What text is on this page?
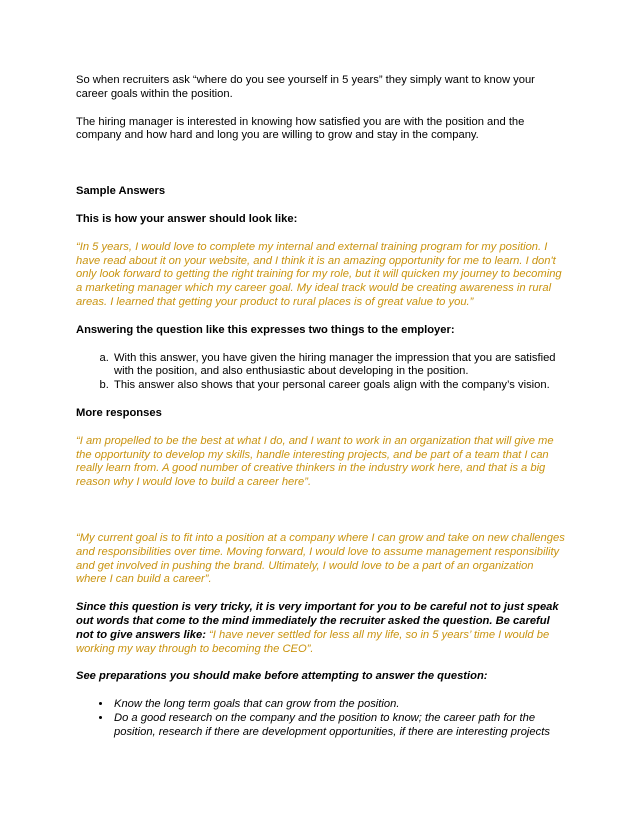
So when recruiters ask “where do you see yourself in 5 years” they simply want to know your career goals within the position.

The hiring manager is interested in knowing how satisfied you are with the position and the company and how hard and long you are willing to grow and stay in the company.

Sample Answers

This is how your answer should look like:

“In 5 years, I would love to complete my internal and external training program for my position. I have read about it on your website, and I think it is an amazing opportunity for me to learn. I don't only look forward to getting the right training for my role, but it will quicken my journey to becoming a marketing manager which my career goal. My ideal track would be creating awareness in rural areas. I learned that getting your product to rural places is of great value to you.”

Answering the question like this expresses two things to the employer:

a. With this answer, you have given the hiring manager the impression that you are satisfied with the position, and also enthusiastic about developing in the position.
b. This answer also shows that your personal career goals align with the company’s vision.

More responses

“I am propelled to be the best at what I do, and I want to work in an organization that will give me the opportunity to develop my skills, handle interesting projects, and be part of a team that I can really learn from. A good number of creative thinkers in the industry work here, and that is a big reason why I would love to build a career here”.

“My current goal is to fit into a position at a company where I can grow and take on new challenges and responsibilities over time. Moving forward, I would love to assume management responsibility and get involved in pushing the brand. Ultimately, I would love to be a part of an organization where I can build a career”.

Since this question is very tricky, it is very important for you to be careful not to just speak out words that come to the mind immediately the recruiter asked the question. Be careful not to give answers like: “I have never settled for less all my life, so in 5 years’ time I would be working my way through to becoming the CEO”.

See preparations you should make before attempting to answer the question:

• Know the long term goals that can grow from the position.
• Do a good research on the company and the position to know; the career path for the position, research if there are development opportunities, if there are interesting projects
